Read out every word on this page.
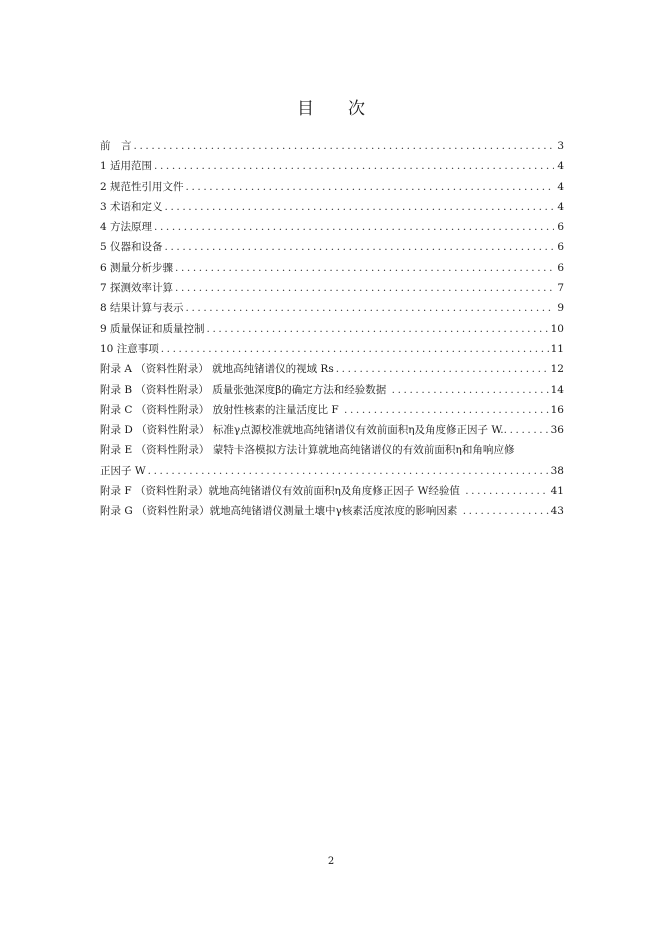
目　　次
前　言 .....	3
1 适用范围 .....	4
2 规范性引用文件 .....	4
3 术语和定义 .....	4
4 方法原理 .....	6
5 仪器和设备 .....	6
6 测量分析步骤 .....	6
7 探测效率计算 .....	7
8 结果计算与表示 .....	9
9 质量保证和质量控制 .....	10
10 注意事项 .....	11
附录 A （资料性附录） 就地高纯锗谱仪的视域 Rs .....	12
附录 B （资料性附录） 质量张弛深度β的确定方法和经验数据 .....	14
附录 C （资料性附录） 放射性核素的注量活度比 F .....	16
附录 D （资料性附录） 标准γ点源校准就地高纯锗谱仪有效前面积η及角度修正因子 W. .....	36
附录 E （资料性附录） 蒙特卡洛模拟方法计算就地高纯锗谱仪的有效前面积η和角响应修
正因子 W .....	38
附录 F （资料性附录）就地高纯锗谱仪有效前面积η及角度修正因子 W经验值 .....	41
附录 G （资料性附录）就地高纯锗谱仪测量土壤中γ核素活度浓度的影响因素 .....	43
2
